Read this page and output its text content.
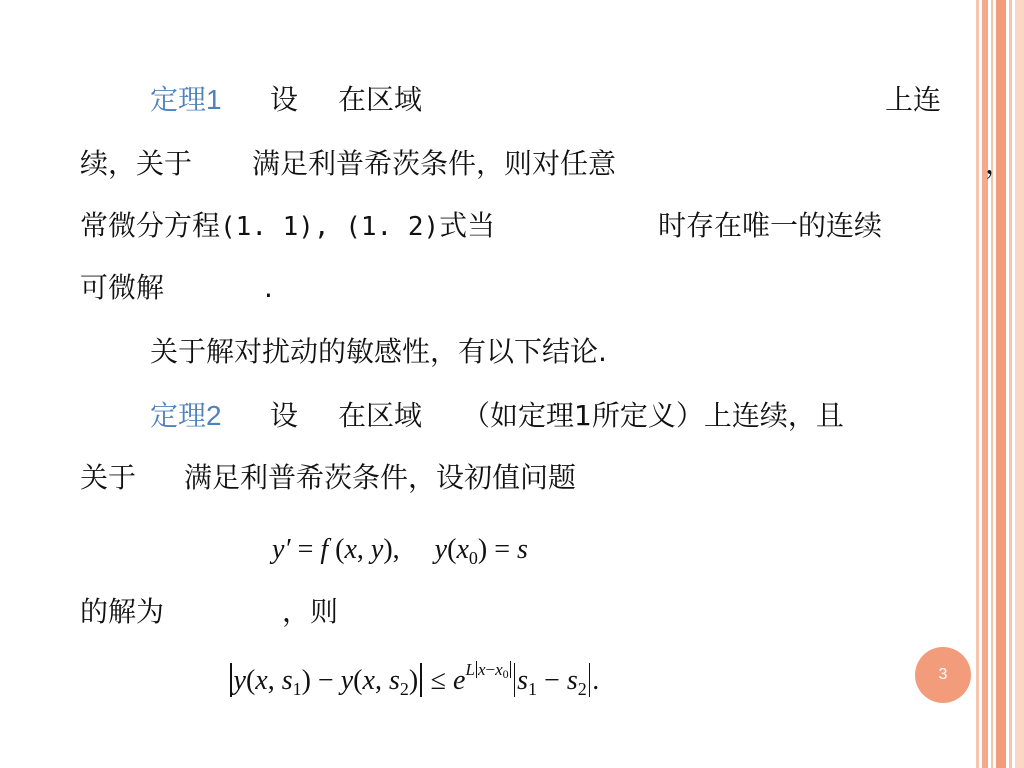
定理1 设 在区域	上连
续，关于 满足利普希茨条件，则对任意	，
常微分方程(1. 1), (1. 2)式当	时存在唯一的连续
可微解	.
关于解对扰动的敏感性，有以下结论.
定理2 设 在区域 （如定理1所定义）上连续，且
关于 满足利普希茨条件，设初值问题
y′ = f (x, y),     $y(x_0) = s$
的解为	，则
y(x, $s_1) - y(x$, $s_2) \le e^{L x-x_0}$ $s_1 - s_2$ .	3
